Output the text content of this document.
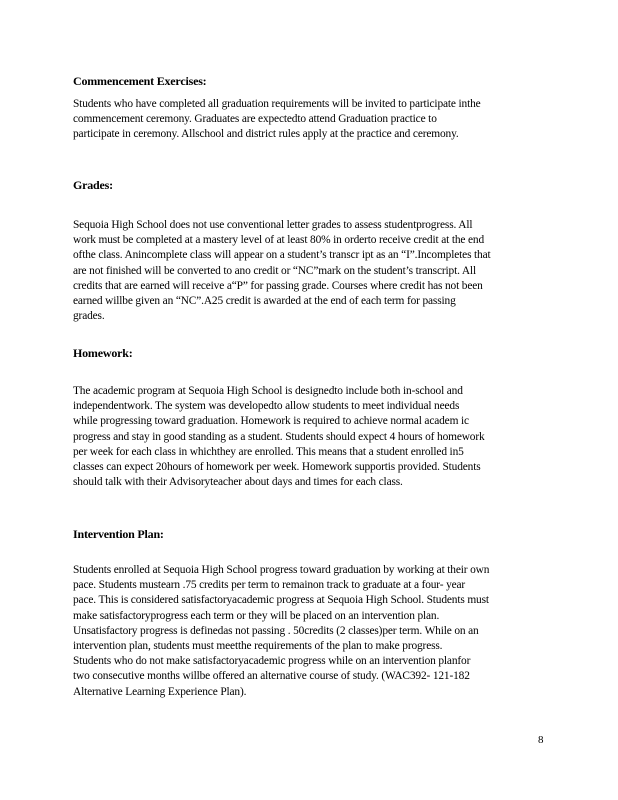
Commencement Exercises:

Students who have completed all graduation requirements will be invited to participate inthe
commencement ceremony. Graduates are expectedto attend Graduation practice to
participate in ceremony. Allschool and district rules apply at the practice and ceremony.

Grades:

Sequoia High School does not use conventional letter grades to assess studentprogress. All
work must be completed at a mastery level of at least 80% in orderto receive credit at the end
ofthe class. Anincomplete class will appear on a student’s transcr ipt as an “I”.Incompletes that
are not finished will be converted to ano credit or “NC”mark on the student’s transcript. All
credits that are earned will receive a“P” for passing grade. Courses where credit has not been
earned willbe given an “NC”.A25 credit is awarded at the end of each term for passing
grades.

Homework:

The academic program at Sequoia High School is designedto include both in-school and
independentwork. The system was developedto allow students to meet individual needs
while progressing toward graduation. Homework is required to achieve normal academ ic
progress and stay in good standing as a student. Students should expect 4 hours of homework
per week for each class in whichthey are enrolled. This means that a student enrolled in5
classes can expect 20hours of homework per week. Homework supportis provided. Students
should talk with their Advisoryteacher about days and times for each class.

Intervention Plan:

Students enrolled at Sequoia High School progress toward graduation by working at their own
pace. Students mustearn .75 credits per term to remainon track to graduate at a four- year
pace. This is considered satisfactoryacademic progress at Sequoia High School. Students must
make satisfactoryprogress each term or they will be placed on an intervention plan.
Unsatisfactory progress is definedas not passing . 50credits (2 classes)per term. While on an
intervention plan, students must meetthe requirements of the plan to make progress.
Students who do not make satisfactoryacademic progress while on an intervention planfor
two consecutive months willbe offered an alternative course of study. (WAC392- 121-182
Alternative Learning Experience Plan).

8
